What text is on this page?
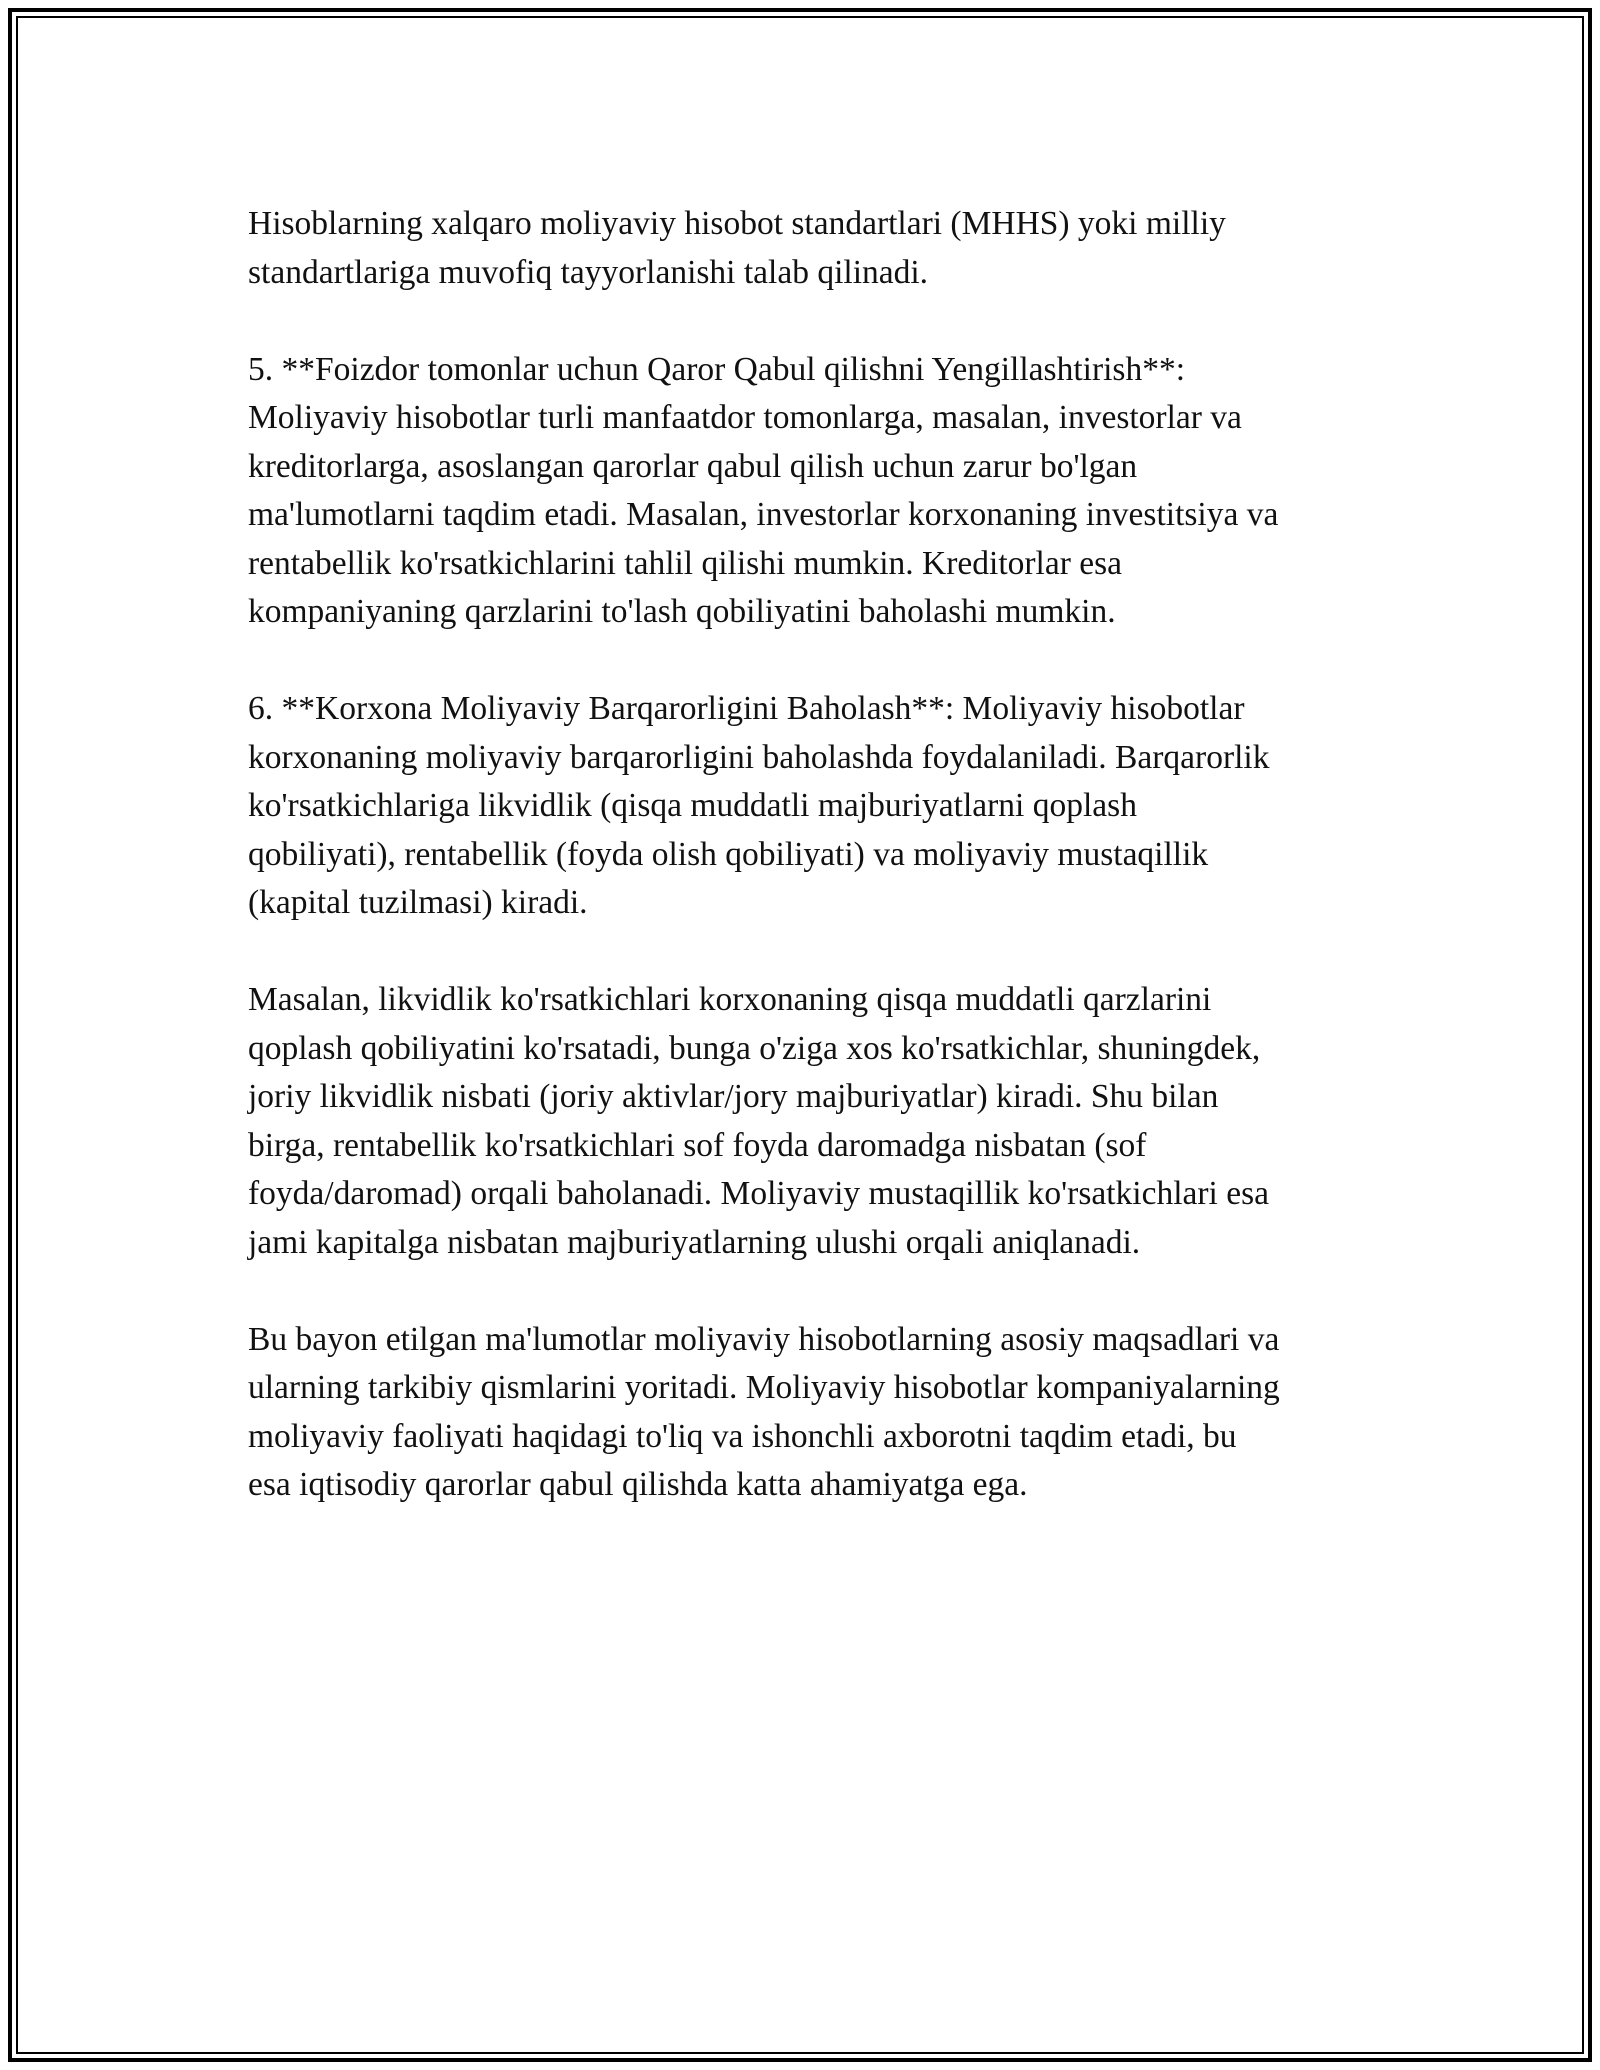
Hisoblarning xalqaro moliyaviy hisobot standartlari (MHHS) yoki milliy
standartlariga muvofiq tayyorlanishi talab qilinadi.

5. **Foizdor tomonlar uchun Qaror Qabul qilishni Yengillashtirish**:
Moliyaviy hisobotlar turli manfaatdor tomonlarga, masalan, investorlar va
kreditorlarga, asoslangan qarorlar qabul qilish uchun zarur bo'lgan
ma'lumotlarni taqdim etadi. Masalan, investorlar korxonaning investitsiya va
rentabellik ko'rsatkichlarini tahlil qilishi mumkin. Kreditorlar esa
kompaniyaning qarzlarini to'lash qobiliyatini baholashi mumkin.

6. **Korxona Moliyaviy Barqarorligini Baholash**: Moliyaviy hisobotlar
korxonaning moliyaviy barqarorligini baholashda foydalaniladi. Barqarorlik
ko'rsatkichlariga likvidlik (qisqa muddatli majburiyatlarni qoplash
qobiliyati), rentabellik (foyda olish qobiliyati) va moliyaviy mustaqillik
(kapital tuzilmasi) kiradi.

Masalan, likvidlik ko'rsatkichlari korxonaning qisqa muddatli qarzlarini
qoplash qobiliyatini ko'rsatadi, bunga o'ziga xos ko'rsatkichlar, shuningdek,
joriy likvidlik nisbati (joriy aktivlar/jory majburiyatlar) kiradi. Shu bilan
birga, rentabellik ko'rsatkichlari sof foyda daromadga nisbatan (sof
foyda/daromad) orqali baholanadi. Moliyaviy mustaqillik ko'rsatkichlari esa
jami kapitalga nisbatan majburiyatlarning ulushi orqali aniqlanadi.

Bu bayon etilgan ma'lumotlar moliyaviy hisobotlarning asosiy maqsadlari va
ularning tarkibiy qismlarini yoritadi. Moliyaviy hisobotlar kompaniyalarning
moliyaviy faoliyati haqidagi to'liq va ishonchli axborotni taqdim etadi, bu
esa iqtisodiy qarorlar qabul qilishda katta ahamiyatga ega.
